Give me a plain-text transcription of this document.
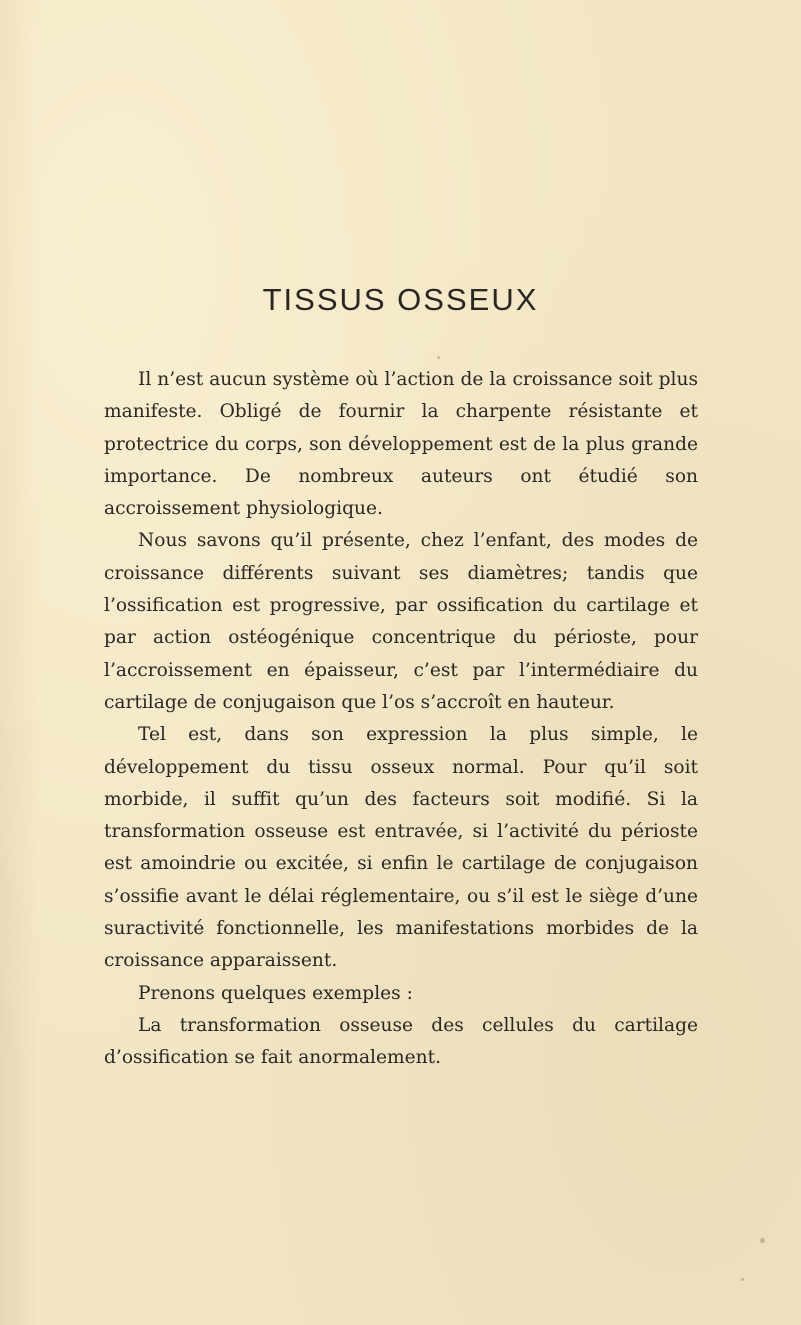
TISSUS OSSEUX

Il n’est aucun système où l’action de la croissance soit plus manifeste. Obligé de fournir la charpente résistante et protectrice du corps, son développement est de la plus grande importance. De nombreux auteurs ont étudié son accroissement physiologique.

Nous savons qu’il présente, chez l’enfant, des modes de croissance différents suivant ses diamètres; tandis que l’ossification est progressive, par ossification du cartilage et par action ostéogénique concentrique du périoste, pour l’accroissement en épaisseur, c’est par l’intermédiaire du cartilage de conjugaison que l’os s’accroît en hauteur.

Tel est, dans son expression la plus simple, le développement du tissu osseux normal. Pour qu’il soit morbide, il suffit qu’un des facteurs soit modifié. Si la transformation osseuse est entravée, si l’activité du périoste est amoindrie ou excitée, si enfin le cartilage de conjugaison s’ossifie avant le délai réglementaire, ou s’il est le siège d’une suractivité fonctionnelle, les manifestations morbides de la croissance apparaissent.

Prenons quelques exemples :

La transformation osseuse des cellules du cartilage d’ossification se fait anormalement.
